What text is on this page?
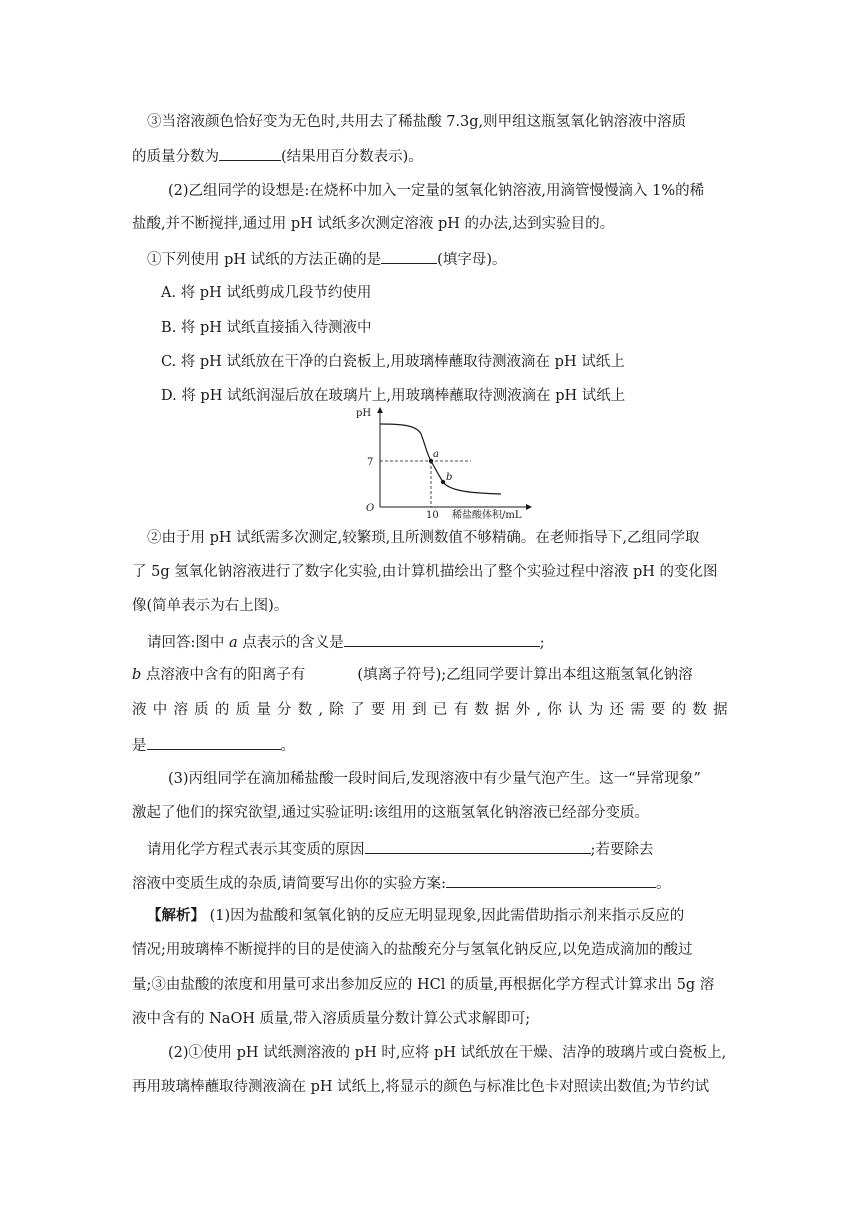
③当溶液颜色恰好变为无色时,共用去了稀盐酸 7.3g,则甲组这瓶氢氧化钠溶液中溶质
的质量分数为	(结果用百分数表示)。
(2)乙组同学的设想是:在烧杯中加入一定量的氢氧化钠溶液,用滴管慢慢滴入 1%的稀
盐酸,并不断搅拌,通过用 pH 试纸多次测定溶液 pH 的办法,达到实验目的。
①下列使用 pH 试纸的方法正确的是	(填字母)。
A. 将 pH 试纸剪成几段节约使用
B. 将 pH 试纸直接插入待测液中
C. 将 pH 试纸放在干净的白瓷板上,用玻璃棒蘸取待测液滴在 pH 试纸上
D. 将 pH 试纸润湿后放在玻璃片上,用玻璃棒蘸取待测液滴在 pH 试纸上
pH
O
7
10 稀盐酸体积/mL
a
b
②由于用 pH 试纸需多次测定,较繁琐,且所测数值不够精确。在老师指导下,乙组同学取
了 5g 氢氧化钠溶液进行了数字化实验,由计算机描绘出了整个实验过程中溶液 pH 的变化图
像(简单表示为右上图)。
请回答:图中 a 点表示的含义是	;
b 点溶液中含有的阳离子有	(填离子符号);乙组同学要计算出本组这瓶氢氧化钠溶
液 中 溶 质 的 质 量 分 数 , 除 了 要 用 到 已 有 数 据 外 , 你 认 为 还 需 要 的 数 据
是	。
(3)丙组同学在滴加稀盐酸一段时间后,发现溶液中有少量气泡产生。这一“异常现象”
激起了他们的探究欲望,通过实验证明:该组用的这瓶氢氧化钠溶液已经部分变质。
请用化学方程式表示其变质的原因	;若要除去
溶液中变质生成的杂质,请简要写出你的实验方案:	。
【解析】 (1)因为盐酸和氢氧化钠的反应无明显现象,因此需借助指示剂来指示反应的
情况;用玻璃棒不断搅拌的目的是使滴入的盐酸充分与氢氧化钠反应,以免造成滴加的酸过
量;③由盐酸的浓度和用量可求出参加反应的 HCl 的质量,再根据化学方程式计算求出 5g 溶
液中含有的 NaOH 质量,带入溶质质量分数计算公式求解即可;
(2)①使用 pH 试纸测溶液的 pH 时,应将 pH 试纸放在干燥、洁净的玻璃片或白瓷板上,
再用玻璃棒蘸取待测液滴在 pH 试纸上,将显示的颜色与标准比色卡对照读出数值;为节约试
